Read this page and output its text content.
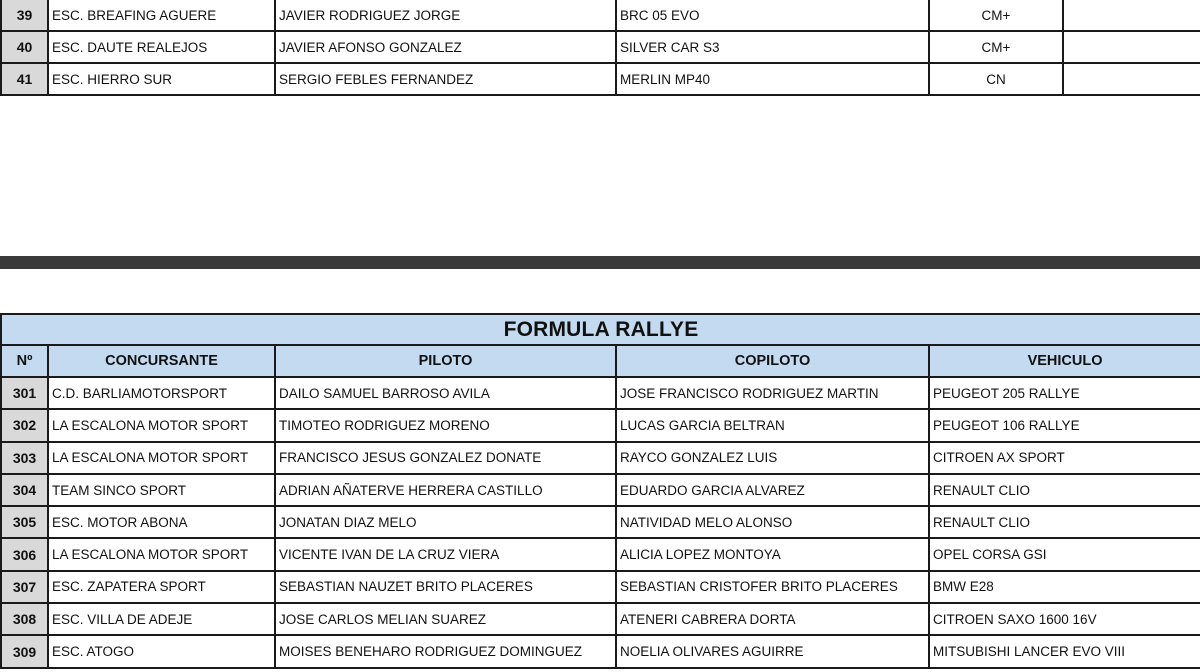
39	ESC. BREAFING AGUERE	JAVIER RODRIGUEZ JORGE	BRC 05 EVO	CM+	
40	ESC. DAUTE REALEJOS	JAVIER AFONSO GONZALEZ	SILVER CAR S3	CM+	
41	ESC. HIERRO SUR	SERGIO FEBLES FERNANDEZ	MERLIN MP40	CN	
FORMULA RALLYE				
Nº	CONCURSANTE	PILOTO	COPILOTO	VEHICULO
301	C.D. BARLIAMOTORSPORT	DAILO SAMUEL BARROSO AVILA	JOSE FRANCISCO RODRIGUEZ MARTIN	PEUGEOT 205 RALLYE
302	LA ESCALONA MOTOR SPORT	TIMOTEO RODRIGUEZ MORENO	LUCAS GARCIA BELTRAN	PEUGEOT 106 RALLYE
303	LA ESCALONA MOTOR SPORT	FRANCISCO JESUS GONZALEZ DONATE	RAYCO GONZALEZ LUIS	CITROEN AX SPORT
304	TEAM SINCO SPORT	ADRIAN AÑATERVE HERRERA CASTILLO	EDUARDO GARCIA ALVAREZ	RENAULT CLIO
305	ESC. MOTOR ABONA	JONATAN DIAZ MELO	NATIVIDAD MELO ALONSO	RENAULT CLIO
306	LA ESCALONA MOTOR SPORT	VICENTE IVAN DE LA CRUZ VIERA	ALICIA LOPEZ MONTOYA	OPEL CORSA GSI
307	ESC. ZAPATERA SPORT	SEBASTIAN NAUZET BRITO PLACERES	SEBASTIAN CRISTOFER BRITO PLACERES	BMW E28
308	ESC. VILLA DE ADEJE	JOSE CARLOS MELIAN SUAREZ	ATENERI CABRERA DORTA	CITROEN SAXO 1600 16V
309	ESC. ATOGO	MOISES BENEHARO RODRIGUEZ DOMINGUEZ	NOELIA OLIVARES AGUIRRE	MITSUBISHI LANCER EVO VIII
